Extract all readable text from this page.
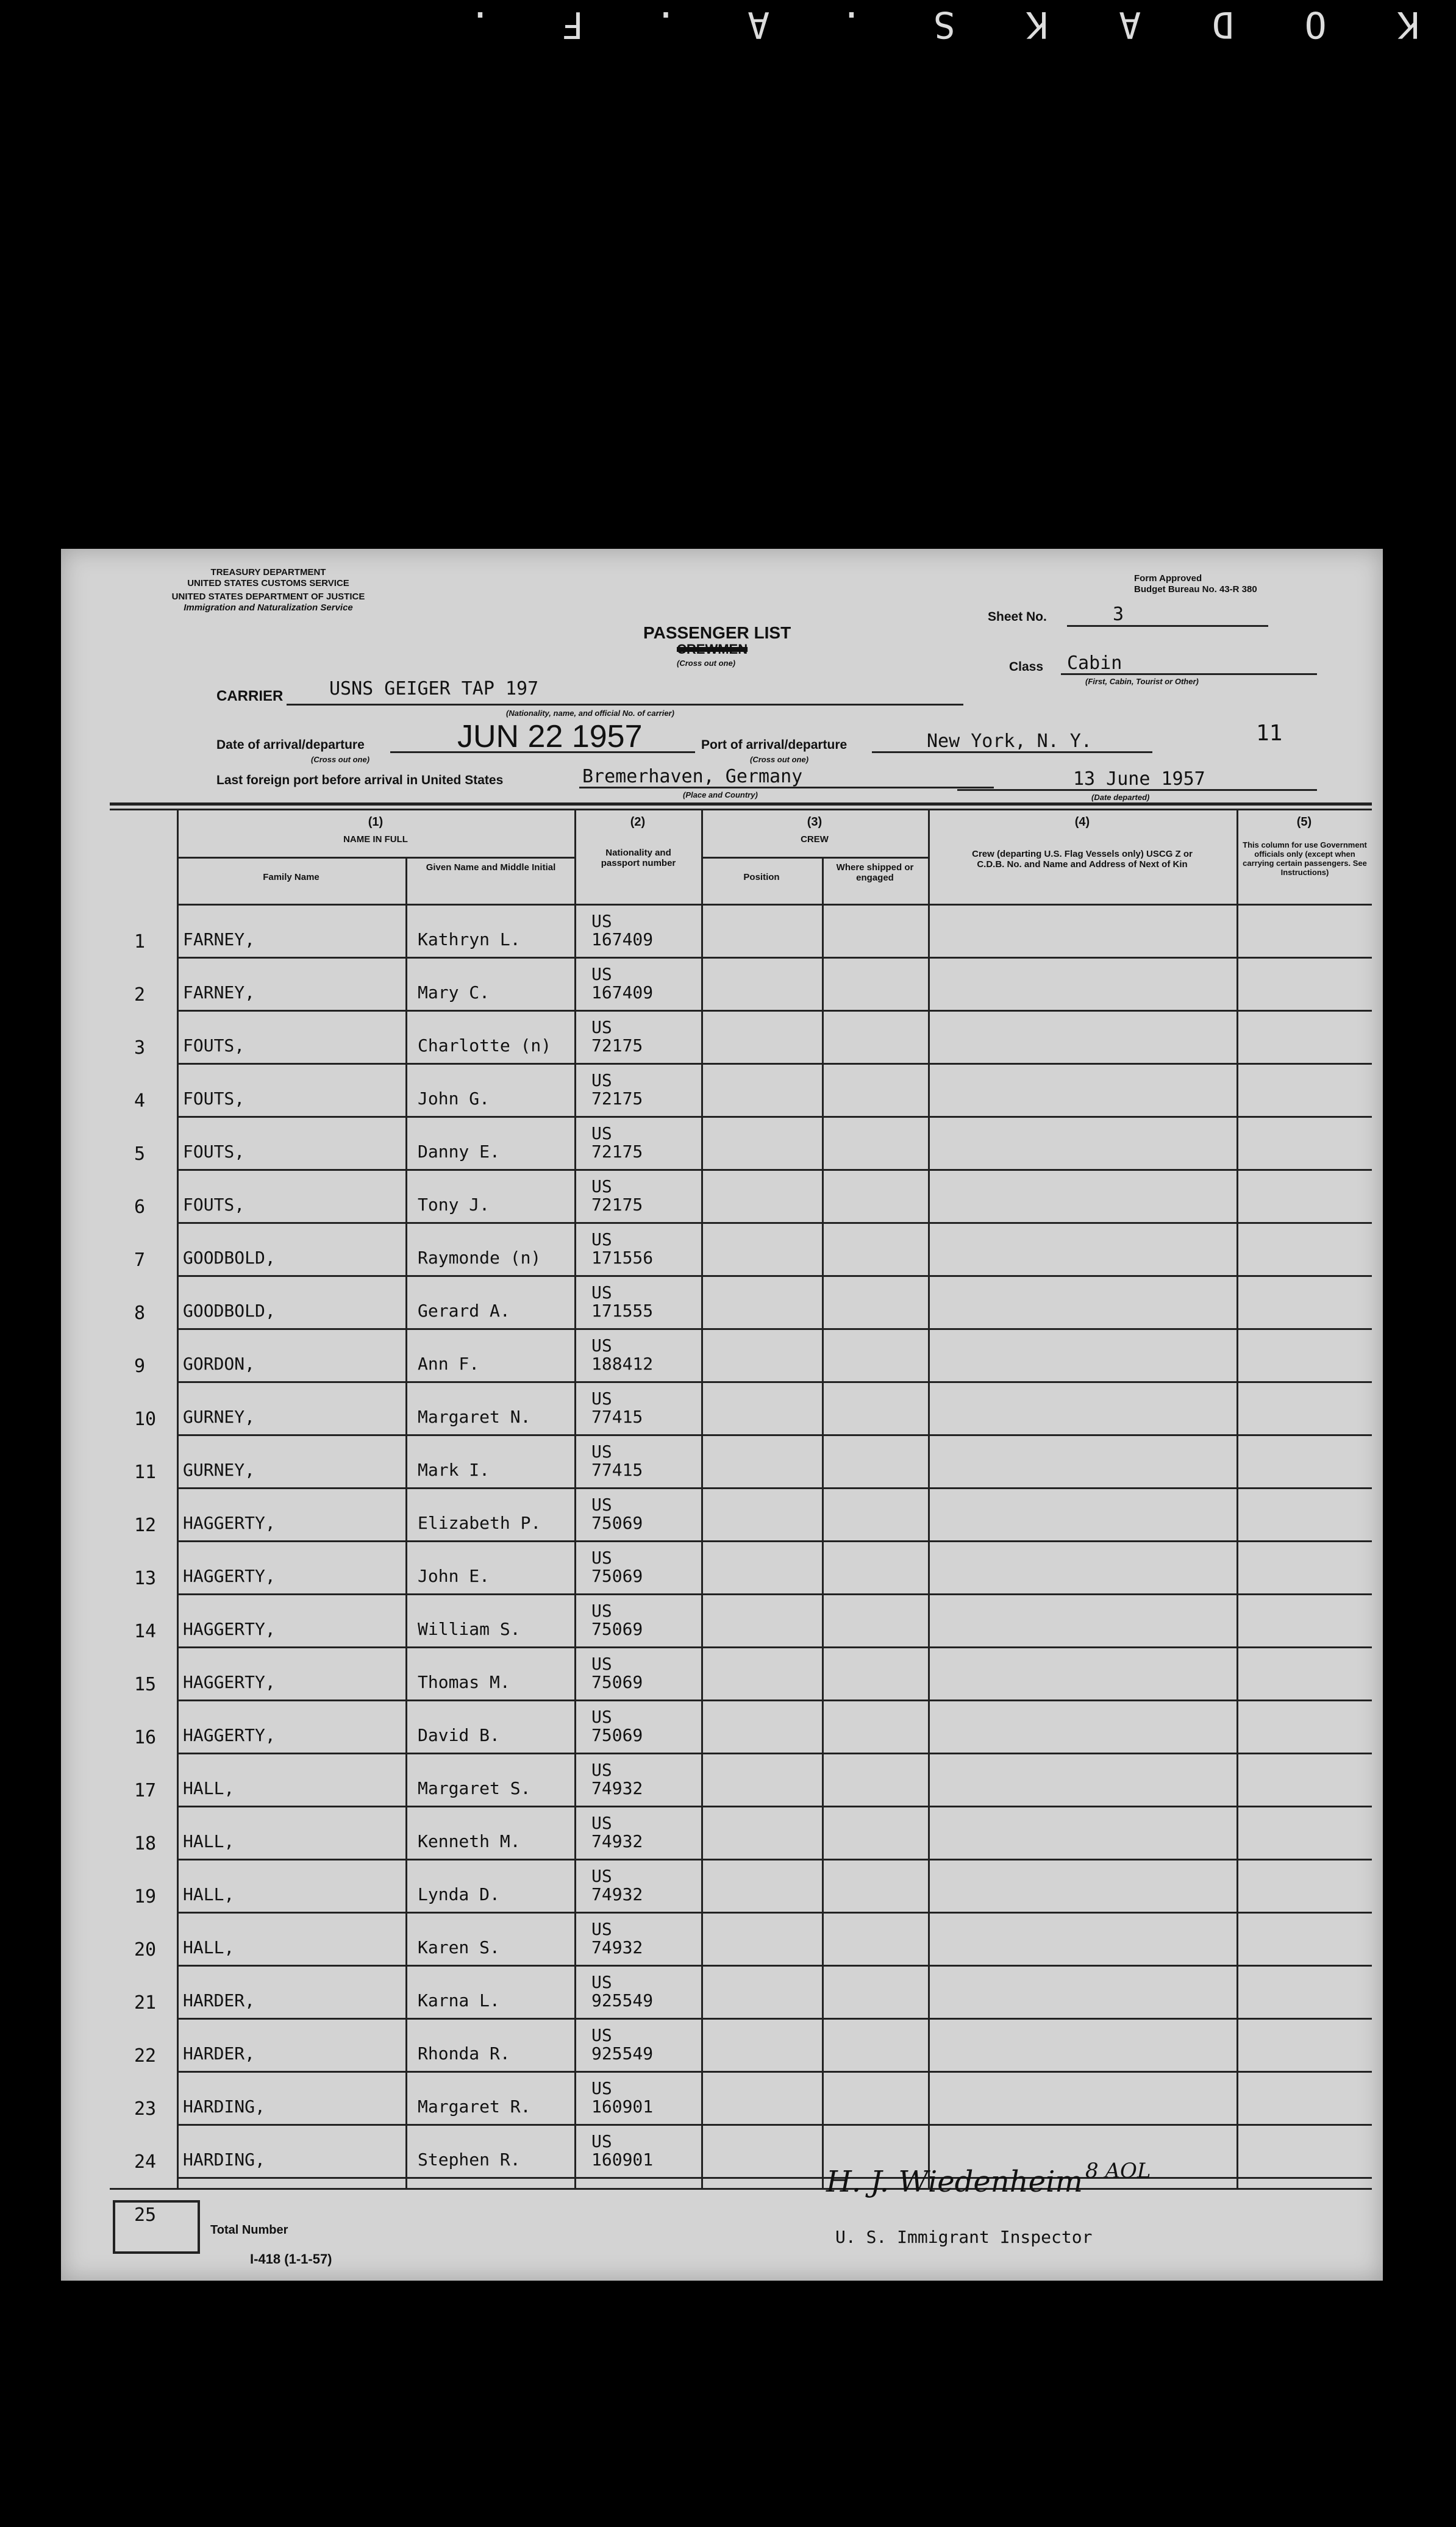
K O D A K S . A . F .
TREASURY DEPARTMENT
UNITED STATES CUSTOMS SERVICE
UNITED STATES DEPARTMENT OF JUSTICE
Immigration and Naturalization Service
Form Approved
Budget Bureau No. 43-R 380
PASSENGER LIST
CREWMEN
(Cross out one)
Sheet No.	3
Class Cabin
(First, Cabin, Tourist or Other)
CARRIER	USNS GEIGER TAP 197
(Nationality, name, and official No. of carrier)
Date of arrival/departure	JUN 22 1957
(Cross out one)
Port of arrival/departure	New York, N. Y.
(Cross out one)
11
Last foreign port before arrival in United States	Bremerhaven, Germany
(Place and Country)
13 June 1957
(Date departed)
(1)
NAME IN FULL
Family Name
Given Name and Middle Initial
(2)
Nationality and passport number
(3)
CREW
Position
Where shipped or engaged
(4)
Crew (departing U.S. Flag Vessels only) USCG Z or C.D.B. No. and Name and Address of Next of Kin
(5)
This column for use Government officials only (except when carrying certain passengers. See Instructions)
1 FARNEY,	Kathryn L.
US
167409
2 FARNEY,	Mary C.
US
167409
3 FOUTS,	Charlotte (n)
US
72175
4 FOUTS,	John G.
US
72175
5 FOUTS,	Danny E.
US
72175
6 FOUTS,	Tony J.
US
72175
7 GOODBOLD,	Raymonde (n)
US
171556
8 GOODBOLD,	Gerard A.
US
171555
9 GORDON,	Ann F.
US
188412
10 GURNEY,	Margaret N.
US
77415
11 GURNEY,	Mark I.
US
77415
12 HAGGERTY,	Elizabeth P.
US
75069
13 HAGGERTY,	John E.
US
75069
14 HAGGERTY,	William S.
US
75069
15 HAGGERTY,	Thomas M.
US
75069
16 HAGGERTY,	David B.
US
75069
17 HALL,	Margaret S.
US
74932
18 HALL,	Kenneth M.
US
74932
19 HALL,	Lynda D.
US
74932
20 HALL,	Karen S.
US
74932
21 HARDER,	Karna L.
US
925549
22 HARDER,	Rhonda R.
US
925549
23 HARDING,	Margaret R.
US
160901
24 HARDING,	Stephen R.
US
160901
25
Total Number
I-418 (1-1-57)
H. J. Wiedenheim 8 AOL
U. S. Immigrant Inspector
